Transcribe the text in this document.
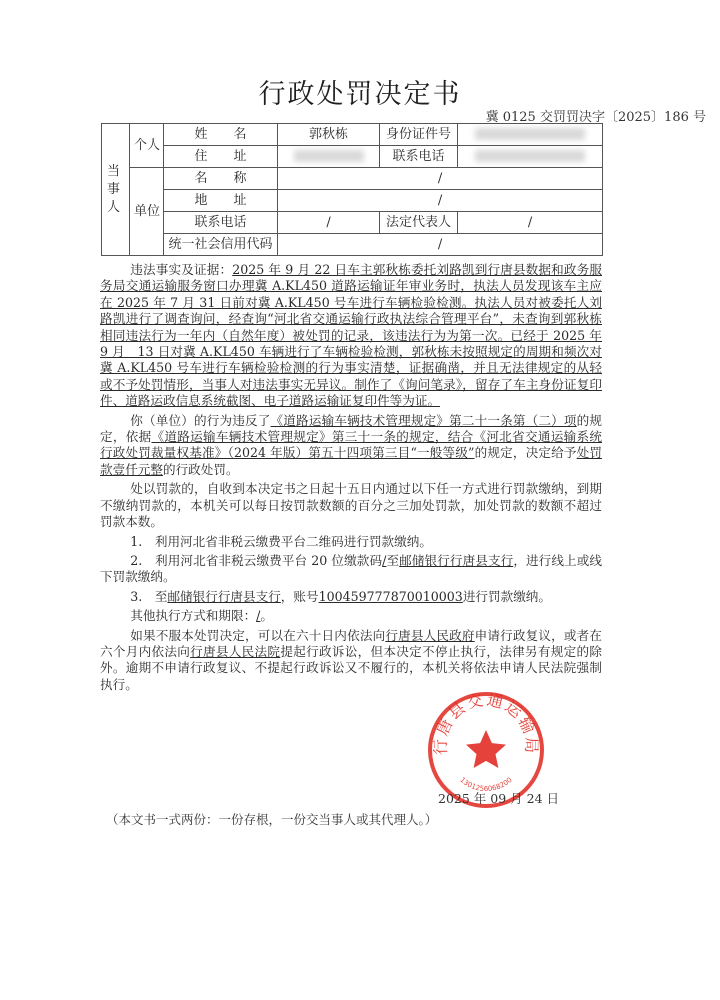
行政处罚决定书
冀 0125 交罚罚决字〔2025〕186 号
当事人	个人	姓　　名	郭秋栋	身份证件号	
		住　　址		联系电话	
	单位	名　　称	/		
		地　　址	/		
		联系电话	/	法定代表人	/
		统一社会信用代码	/		

违法事实及证据：2025 年 9 月 22 日车主郭秋栋委托刘路凯到行唐县数据和政务服务局交通运输服务窗口办理冀 A.KL450 道路运输证年审业务时，执法人员发现该车主应在 2025 年 7 月 31 日前对冀 A.KL450 号车进行车辆检验检测。执法人员对被委托人刘路凯进行了调查询问，经查询“河北省交通运输行政执法综合管理平台”，未查询到郭秋栋相同违法行为一年内（自然年度）被处罚的记录，该违法行为为第一次。已经于 2025 年 9 月　13 日对冀 A.KL450 车辆进行了车辆检验检测，郭秋栋未按照规定的周期和频次对冀 A.KL450 号车进行车辆检验检测的行为事实清楚，证据确凿，并且无法律规定的从轻或不予处罚情形，当事人对违法事实无异议。制作了《询问笔录》，留存了车主身份证复印件、道路运政信息系统截图、电子道路运输证复印件等为证。

你（单位）的行为违反了《道路运输车辆技术管理规定》第二十一条第（二）项的规定，依据《道路运输车辆技术管理规定》第三十一条的规定，结合《河北省交通运输系统行政处罚裁量权基准》（2024 年版）第五十四项第三目“一般等级”的规定，决定给予处罚款壹仟元整的行政处罚。

处以罚款的，自收到本决定书之日起十五日内通过以下任一方式进行罚款缴纳，到期不缴纳罚款的，本机关可以每日按罚款数额的百分之三加处罚款，加处罚款的数额不超过罚款本数。

1.　利用河北省非税云缴费平台二维码进行罚款缴纳。

2.　利用河北省非税云缴费平台 20 位缴款码/至邮储银行行唐县支行，进行线上或线下罚款缴纳。

3.　至邮储银行行唐县支行，账号100459777870010003进行罚款缴纳。

其他执行方式和期限：/。

如果不服本处罚决定，可以在六十日内依法向行唐县人民政府申请行政复议，或者在六个月内依法向行唐县人民法院提起行政诉讼，但本决定不停止执行，法律另有规定的除外。逾期不申请行政复议、不提起行政诉讼又不履行的，本机关将依法申请人民法院强制执行。

行唐县交通运输局
1301256068200
2025 年 09 月 24 日
（本文书一式两份：一份存根，一份交当事人或其代理人。）
